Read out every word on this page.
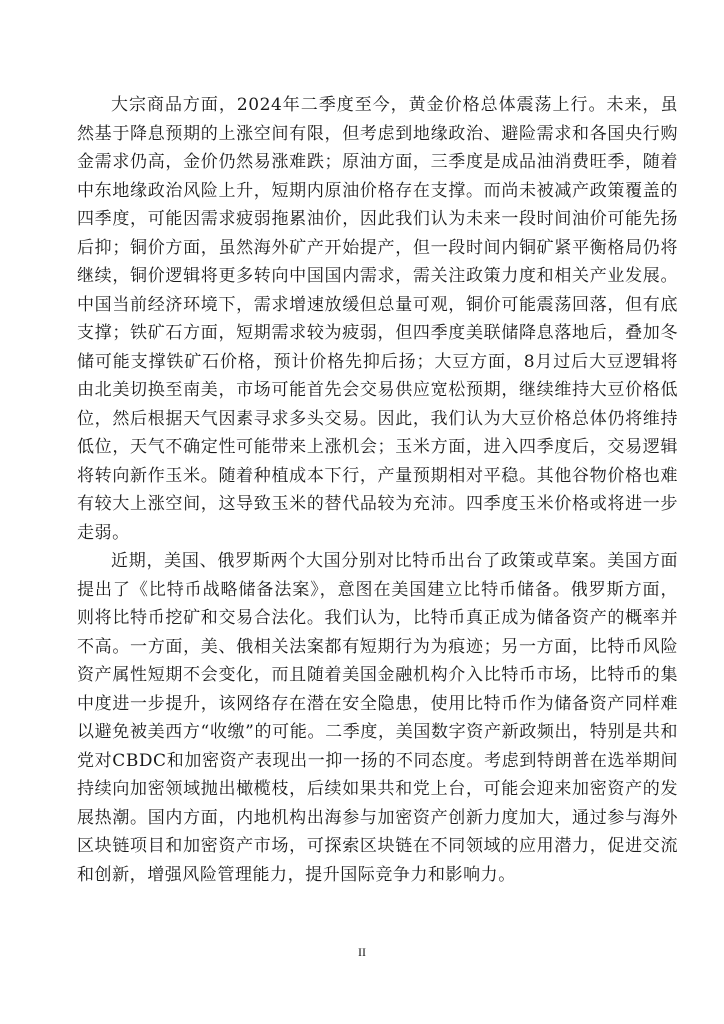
大宗商品方面，2024年二季度至今，黄金价格总体震荡上行。未来，虽然基于降息预期的上涨空间有限，但考虑到地缘政治、避险需求和各国央行购金需求仍高，金价仍然易涨难跌；原油方面，三季度是成品油消费旺季，随着中东地缘政治风险上升，短期内原油价格存在支撑。而尚未被减产政策覆盖的四季度，可能因需求疲弱拖累油价，因此我们认为未来一段时间油价可能先扬后抑；铜价方面，虽然海外矿产开始提产，但一段时间内铜矿紧平衡格局仍将继续，铜价逻辑将更多转向中国国内需求，需关注政策力度和相关产业发展。中国当前经济环境下，需求增速放缓但总量可观，铜价可能震荡回落，但有底支撑；铁矿石方面，短期需求较为疲弱，但四季度美联储降息落地后，叠加冬储可能支撑铁矿石价格，预计价格先抑后扬；大豆方面，8月过后大豆逻辑将由北美切换至南美，市场可能首先会交易供应宽松预期，继续维持大豆价格低位，然后根据天气因素寻求多头交易。因此，我们认为大豆价格总体仍将维持低位，天气不确定性可能带来上涨机会；玉米方面，进入四季度后，交易逻辑将转向新作玉米。随着种植成本下行，产量预期相对平稳。其他谷物价格也难有较大上涨空间，这导致玉米的替代品较为充沛。四季度玉米价格或将进一步走弱。

近期，美国、俄罗斯两个大国分别对比特币出台了政策或草案。美国方面提出了《比特币战略储备法案》，意图在美国建立比特币储备。俄罗斯方面，则将比特币挖矿和交易合法化。我们认为，比特币真正成为储备资产的概率并不高。一方面，美、俄相关法案都有短期行为为痕迹；另一方面，比特币风险资产属性短期不会变化，而且随着美国金融机构介入比特币市场，比特币的集中度进一步提升，该网络存在潜在安全隐患，使用比特币作为储备资产同样难以避免被美西方“收缴”的可能。二季度，美国数字资产新政频出，特别是共和党对CBDC和加密资产表现出一抑一扬的不同态度。考虑到特朗普在选举期间持续向加密领域抛出橄榄枝，后续如果共和党上台，可能会迎来加密资产的发展热潮。国内方面，内地机构出海参与加密资产创新力度加大，通过参与海外区块链项目和加密资产市场，可探索区块链在不同领域的应用潜力，促进交流和创新，增强风险管理能力，提升国际竞争力和影响力。

II
